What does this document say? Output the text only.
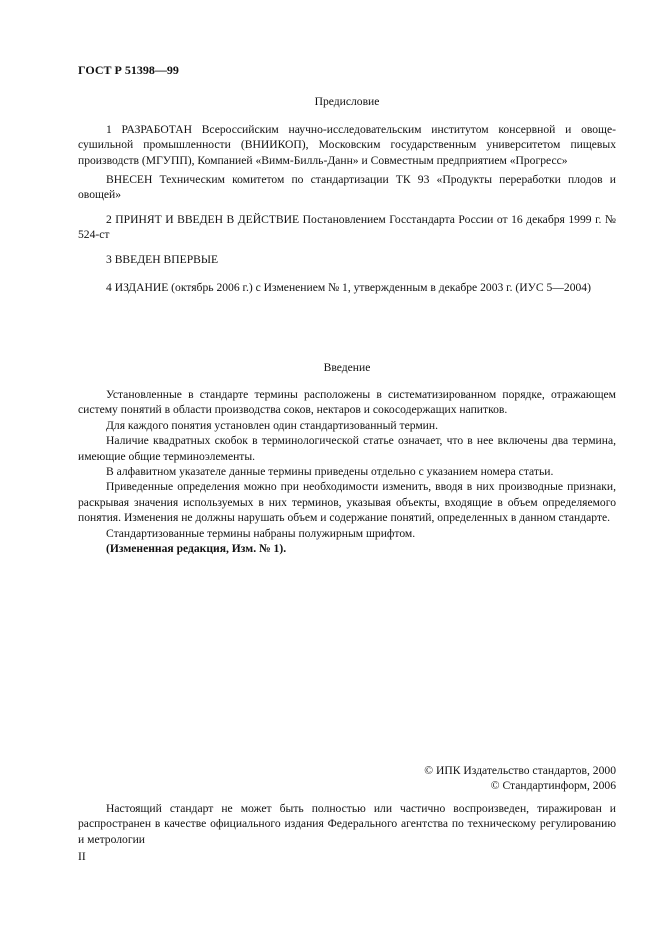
ГОСТ Р 51398—99
Предисловие

1 РАЗРАБОТАН Всероссийским научно-исследовательским институтом консервной и овоще-сушильной промышленности (ВНИИКОП), Московским государственным университетом пищевых производств (МГУПП), Компанией «Вимм-Билль-Данн» и Совместным предприятием «Прогресс»

ВНЕСЕН Техническим комитетом по стандартизации ТК 93 «Продукты переработки плодов и овощей»

2 ПРИНЯТ И ВВЕДЕН В ДЕЙСТВИЕ Постановлением Госстандарта России от 16 декабря 1999 г. № 524-ст

3 ВВЕДЕН ВПЕРВЫЕ

4 ИЗДАНИЕ (октябрь 2006 г.) с Изменением № 1, утвержденным в декабре 2003 г. (ИУС 5—2004)

Введение

Установленные в стандарте термины расположены в систематизированном порядке, отражающем систему понятий в области производства соков, нектаров и сокосодержащих напитков.

Для каждого понятия установлен один стандартизованный термин.

Наличие квадратных скобок в терминологической статье означает, что в нее включены два термина, имеющие общие терминоэлементы.

В алфавитном указателе данные термины приведены отдельно с указанием номера статьи.

Приведенные определения можно при необходимости изменить, вводя в них производные признаки, раскрывая значения используемых в них терминов, указывая объекты, входящие в объем определяемого понятия. Изменения не должны нарушать объем и содержание понятий, определенных в данном стандарте.

Стандартизованные термины набраны полужирным шрифтом.

(Измененная редакция, Изм. № 1).

© ИПК Издательство стандартов, 2000
© Стандартинформ, 2006

Настоящий стандарт не может быть полностью или частично воспроизведен, тиражирован и распространен в качестве официального издания Федерального агентства по техническому регулированию и метрологии

II
